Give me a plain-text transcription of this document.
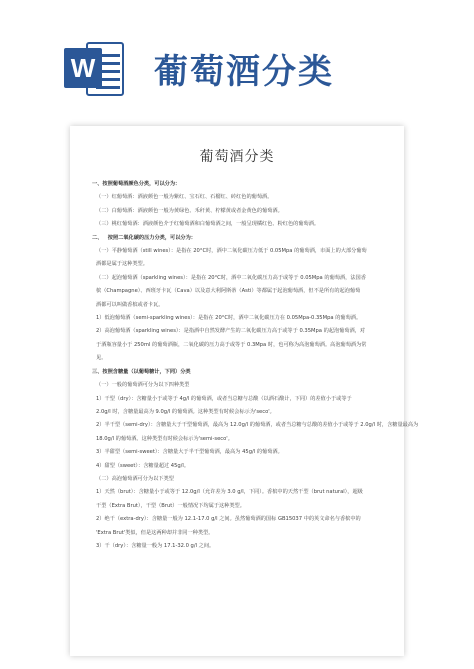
W 葡萄酒分类
葡萄酒分类

一、按照葡萄酒颜色分类，可以分为：

（一）红葡萄酒：酒液颜色一般为紫红、宝石红、石榴红、砖红色的葡萄酒。

（二）白葡萄酒：酒液颜色一般为黄绿色、禾秆黄、柠檬黄或者金黄色的葡萄酒。

（三）桃红葡萄酒：酒液颜色介于红葡萄酒和白葡萄酒之间，一般呈现橘红色、粉红色的葡萄酒。

二、   按照二氧化碳的压力分类，可以分为：

（一）平静葡萄酒（still wines）：是指在 20°C时，酒中二氧化碳压力低于 0.05Mpa 的葡萄酒，市面上的大部分葡萄

酒都是属于这种类型。

（二）起泡葡萄酒（sparkling wines）：是指在 20°C时，酒中二氧化碳压力高于或等于 0.05Mpa 的葡萄酒，法国香

槟（Champagne）、西班牙卡瓦（Cava）以及意大利阿斯蒂（Asti）等都属于起泡葡萄酒，但不是所有的起泡葡萄

酒都可以叫做香槟或者卡瓦。

1）低泡葡萄酒（semi-sparkling wines）：是指在 20°C时，酒中二氧化碳压力在 0.05Mpa-0.35Mpa 的葡萄酒。

2）高泡葡萄酒（sparkling wines）：是指酒中自然发酵产生的二氧化碳压力高于或等于 0.35Mpa 的起泡葡萄酒，对

于酒瓶容量小于 250ml 的葡萄酒瓶，二氧化碳的压力高于或等于 0.3Mpa 时，也可称为高泡葡萄酒。高泡葡萄酒为常

见。

三、按照含糖量（以葡萄糖计，下同）分类

（一）一般的葡萄酒可分为以下四种类型

1）干型（dry）：含糖量小于或等于 4g/l 的葡萄酒，或者当总糖与总酸（以酒石酸计，下同）的差值小于或等于

2.0g/l 时，含糖量最高为 9.0g/l 的葡萄酒。这种类型有时候会标示为'seco'。

2）半干型（semi-dry）：含糖量大于干型葡萄酒，最高为 12.0g/l 的葡萄酒，或者当总糖与总酸的差值小于或等于 2.0g/l 时，含糖量最高为

18.0g/l 的葡萄酒。这种类型有时候会标示为'semi-seco'。

3）半甜型（semi-sweet）：含糖量大于半干型葡萄酒，最高为 45g/l 的葡萄酒。

4）甜型（sweet）：含糖量超过 45g/l。

（二）高泡葡萄酒可分为以下类型

1）天然（brut）：含糖量小于或等于 12.0g/l（允许差为 3.0 g/l，下同）。香槟中的天然干型（brut natural），超级

干型（Extra Brut），干型（Brut）一般情况下均属于这种类型。

2）绝干（extra-dry）：含糖量一般为 12.1-17.0 g/l 之间。虽然葡萄酒的国标 GB15037 中的英文命名与香槟中的

'Extra Brut'类似，但是这两种却并非同一种类型。

3）干（dry）：含糖量一般为 17.1-32.0 g/l 之间。
